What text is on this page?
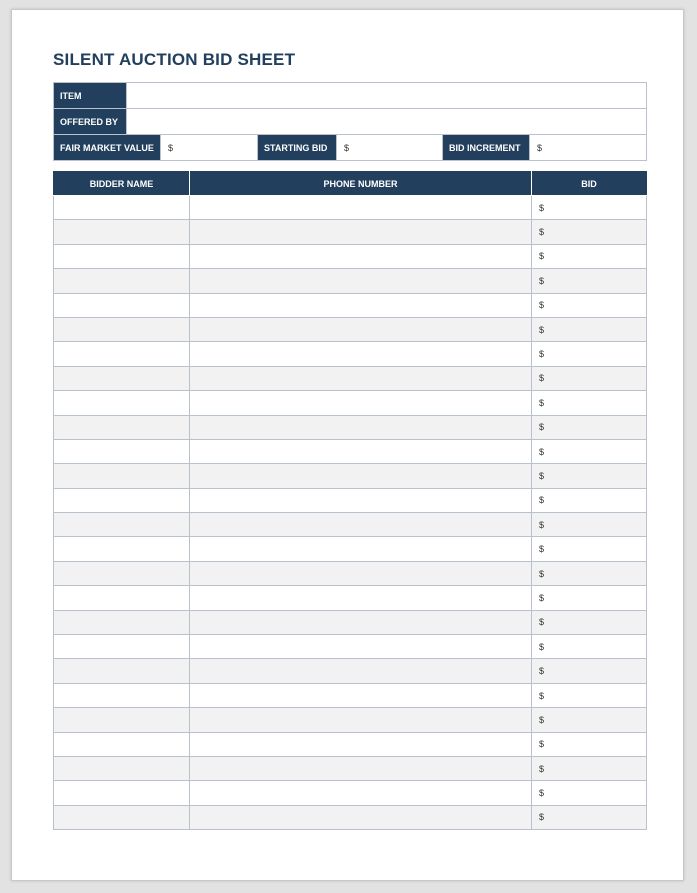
SILENT AUCTION BID SHEET
ITEM						
OFFERED BY						
FAIR MARKET VALUE		$	STARTING BID	$	BID INCREMENT	$
BIDDER NAME	PHONE NUMBER	BID
		$
		$
		$
		$
		$
		$
		$
		$
		$
		$
		$
		$
		$
		$
		$
		$
		$
		$
		$
		$
		$
		$
		$
		$
		$
		$
